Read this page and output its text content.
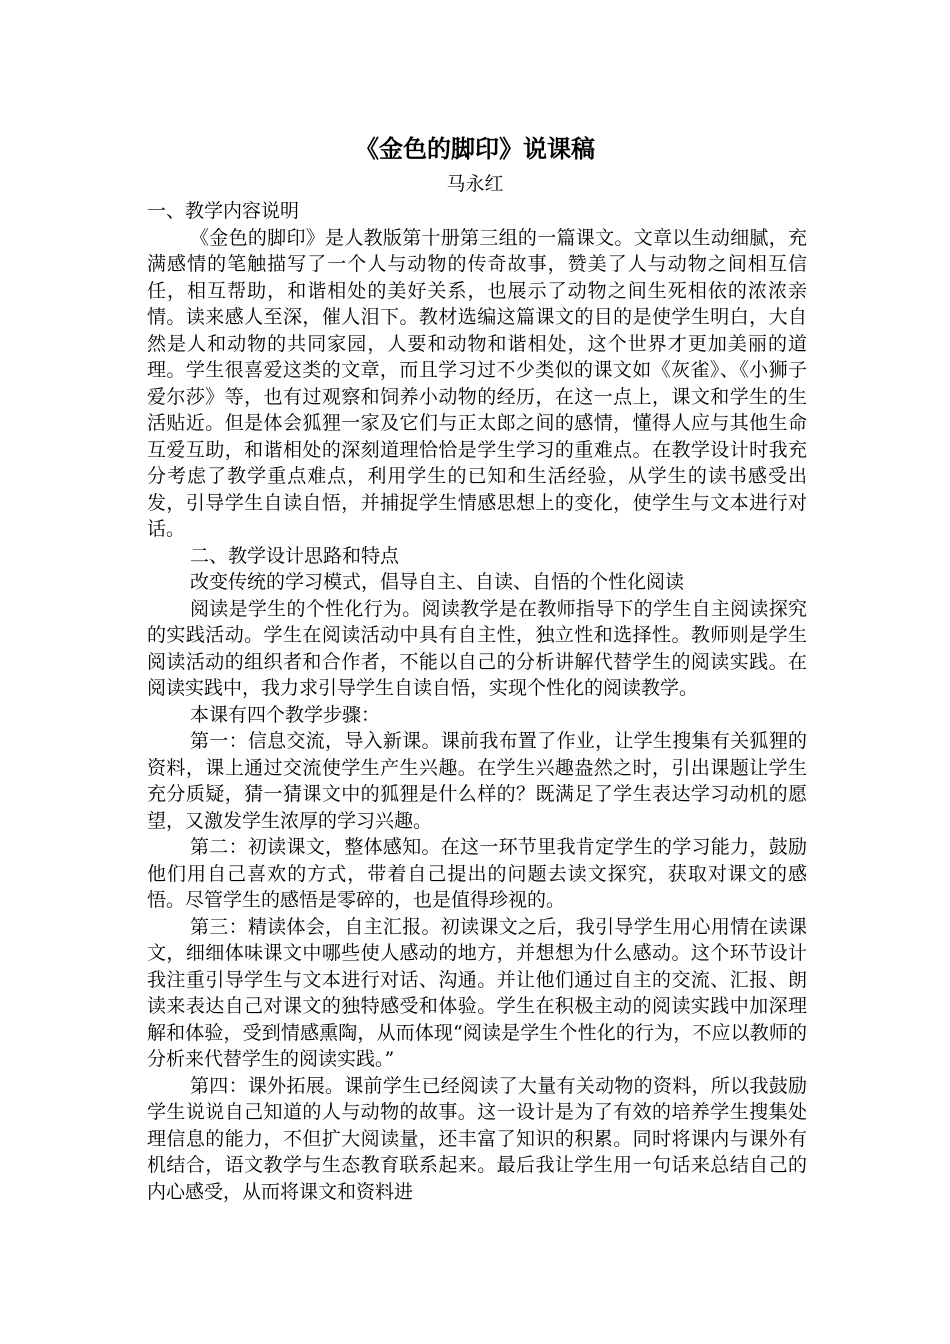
《金色的脚印》说课稿
马永红

一、教学内容说明

《金色的脚印》是人教版第十册第三组的一篇课文。文章以生动细腻，充满感情的笔触描写了一个人与动物的传奇故事，赞美了人与动物之间相互信任，相互帮助，和谐相处的美好关系，也展示了动物之间生死相依的浓浓亲情。读来感人至深，催人泪下。教材选编这篇课文的目的是使学生明白，大自然是人和动物的共同家园，人要和动物和谐相处，这个世界才更加美丽的道理。学生很喜爱这类的文章，而且学习过不少类似的课文如《灰雀》、《小狮子爱尔莎》等，也有过观察和饲养小动物的经历，在这一点上，课文和学生的生活贴近。但是体会狐狸一家及它们与正太郎之间的感情，懂得人应与其他生命互爱互助，和谐相处的深刻道理恰恰是学生学习的重难点。在教学设计时我充分考虑了教学重点难点，利用学生的已知和生活经验，从学生的读书感受出发，引导学生自读自悟，并捕捉学生情感思想上的变化，使学生与文本进行对话。

二、教学设计思路和特点

改变传统的学习模式，倡导自主、自读、自悟的个性化阅读

阅读是学生的个性化行为。阅读教学是在教师指导下的学生自主阅读探究的实践活动。学生在阅读活动中具有自主性，独立性和选择性。教师则是学生阅读活动的组织者和合作者，不能以自己的分析讲解代替学生的阅读实践。在阅读实践中，我力求引导学生自读自悟，实现个性化的阅读教学。

本课有四个教学步骤：

第一：信息交流，导入新课。课前我布置了作业，让学生搜集有关狐狸的资料，课上通过交流使学生产生兴趣。在学生兴趣盎然之时，引出课题让学生充分质疑，猜一猜课文中的狐狸是什么样的？既满足了学生表达学习动机的愿望，又激发学生浓厚的学习兴趣。

第二：初读课文，整体感知。在这一环节里我肯定学生的学习能力，鼓励他们用自己喜欢的方式，带着自己提出的问题去读文探究，获取对课文的感悟。尽管学生的感悟是零碎的，也是值得珍视的。

第三：精读体会，自主汇报。初读课文之后，我引导学生用心用情在读课文，细细体味课文中哪些使人感动的地方，并想想为什么感动。这个环节设计我注重引导学生与文本进行对话、沟通。并让他们通过自主的交流、汇报、朗读来表达自己对课文的独特感受和体验。学生在积极主动的阅读实践中加深理解和体验，受到情感熏陶，从而体现“阅读是学生个性化的行为，不应以教师的分析来代替学生的阅读实践。”

第四：课外拓展。课前学生已经阅读了大量有关动物的资料，所以我鼓励学生说说自己知道的人与动物的故事。这一设计是为了有效的培养学生搜集处理信息的能力，不但扩大阅读量，还丰富了知识的积累。同时将课内与课外有机结合，语文教学与生态教育联系起来。最后我让学生用一句话来总结自己的内心感受，从而将课文和资料进
